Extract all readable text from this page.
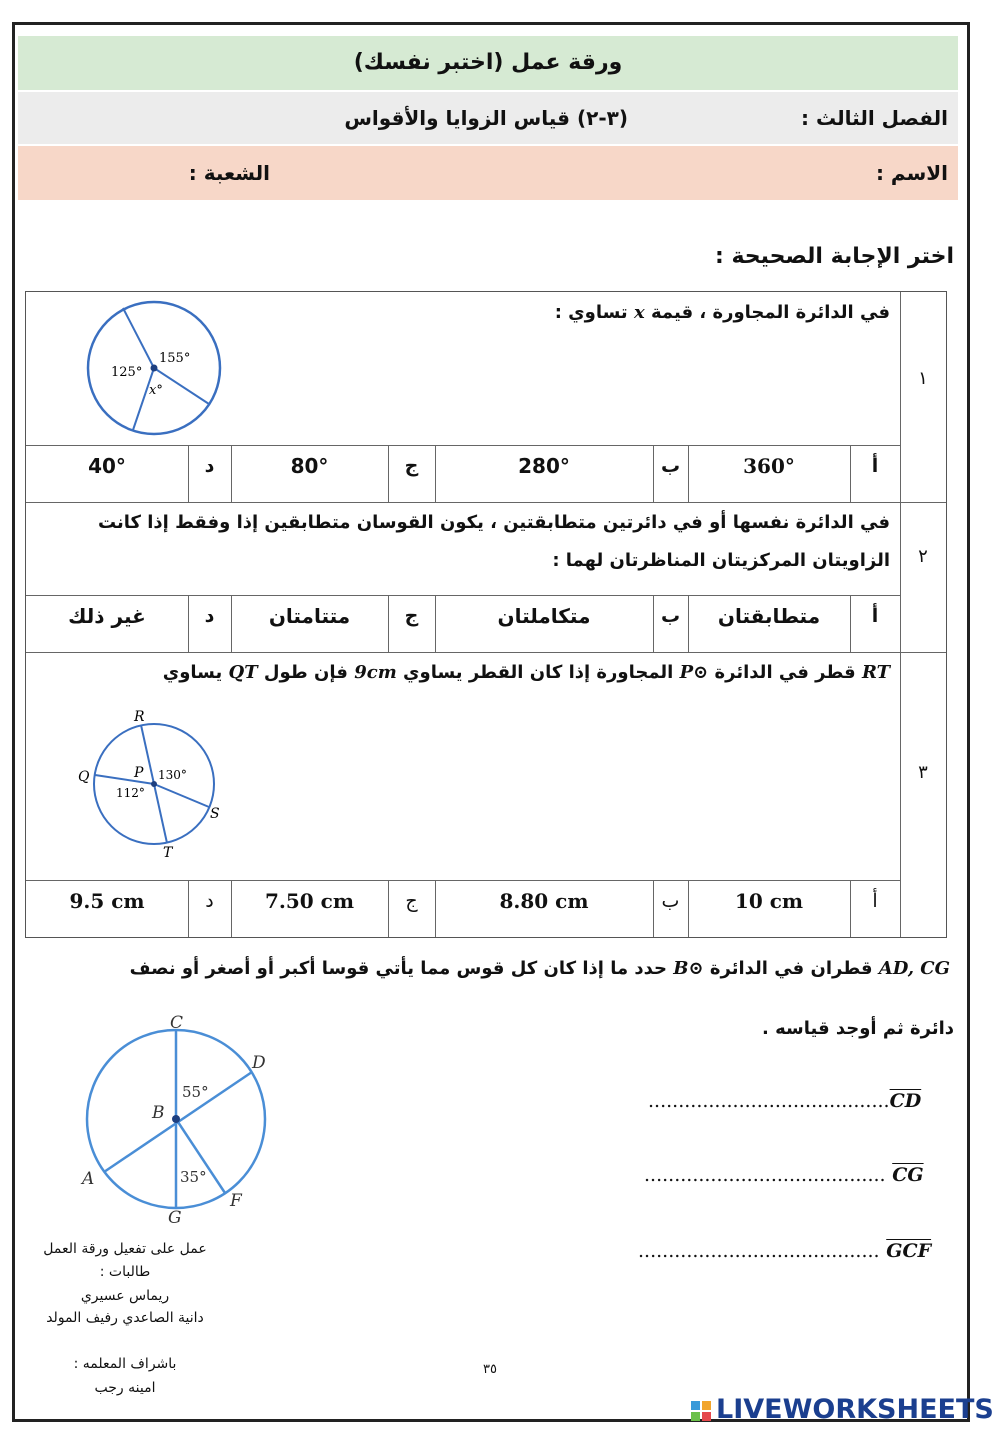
ورقة عمل (اختبر نفسك)
الفصل الثالث :
(٣-٢) قياس الزوايا والأقواس
الاسم :
الشعبة :
اختر الإجابة الصحيحة :
١
٢
٣
في الدائرة المجاورة ، قيمة x تساوي :
155°
125°
x°
أ
360°
ب
280°
ج
80°
د
40°
في الدائرة نفسها أو في دائرتين متطابقتين ، يكون القوسان متطابقين إذا وفقط إذا كانت
الزاويتان المركزيتان المناظرتان لهما :
أ
متطابقتان
ب
متكاملتان
ج
متتامتان
د
غير ذلك
RT قطر في الدائرة ⊙P المجاورة إذا كان القطر يساوي 9cm فإن طول QT يساوي
R
Q	P
S
T
130°
112°
أ
10 cm
ب
8.80 cm
ج
7.50 cm
د
9.5 cm
AD, CG قطران في الدائرة ⊙B حدد ما إذا كان كل قوس مما يأتي قوسا أكبر أو أصغر أو نصف
دائرة ثم أوجد قياسه .
C
D
B
A
G
F
55°
35°
$........................................\overline{CD}$
........................................ $\overline{CG}$
........................................ $\overline{GCF}$
عمل على تفعيل ورقة العمل
طالبات :
ريماس عسيري
دانية الصاعدي رفيف المولد
باشراف المعلمه :
امينه رجب
٣٥
LIVEWORKSHEETS
